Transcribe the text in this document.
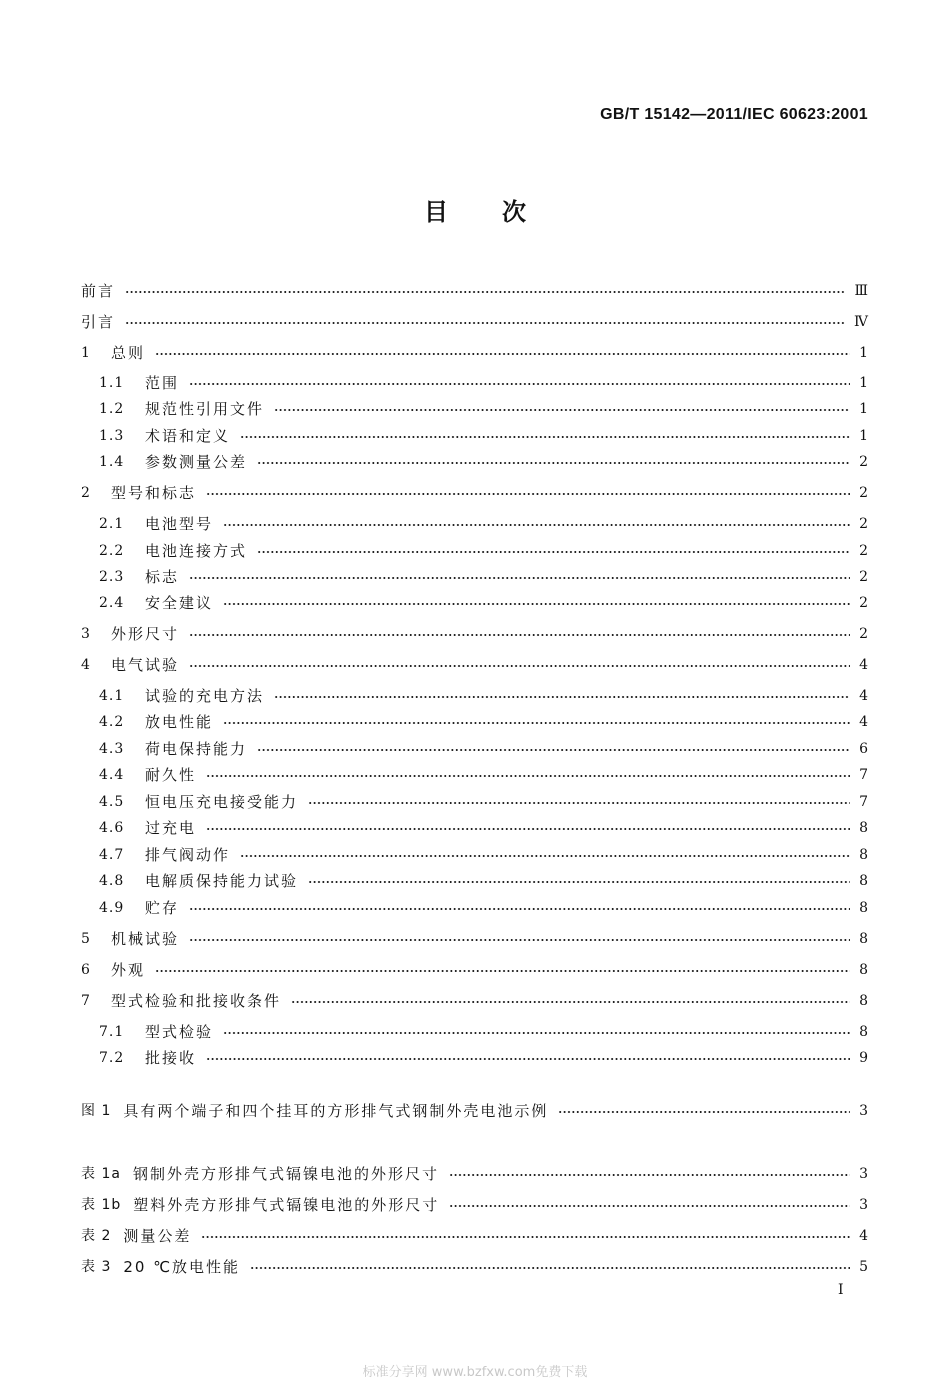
GB/T 15142—2011/IEC 60623:2001
目 次
前言	Ⅲ
引言	Ⅳ
1	总则	1
1.1	范围	1
1.2	规范性引用文件	1
1.3	术语和定义	1
1.4	参数测量公差	2
2	型号和标志	2
2.1	电池型号	2
2.2	电池连接方式	2
2.3	标志	2
2.4	安全建议	2
3	外形尺寸	2
4	电气试验	4
4.1	试验的充电方法	4
4.2	放电性能	4
4.3	荷电保持能力	6
4.4	耐久性	7
4.5	恒电压充电接受能力	7
4.6	过充电	8
4.7	排气阀动作	8
4.8	电解质保持能力试验	8
4.9	贮存	8
5	机械试验	8
6	外观	8
7	型式检验和批接收条件	8
7.1	型式检验	8
7.2	批接收	9
图 1 具有两个端子和四个挂耳的方形排气式钢制外壳电池示例	3
表 1a 钢制外壳方形排气式镉镍电池的外形尺寸	3
表 1b 塑料外壳方形排气式镉镍电池的外形尺寸	3
表 2 测量公差	4
表 3 20 ℃放电性能	5
Ⅰ
标准分享网 www.bzfxw.com免费下载
